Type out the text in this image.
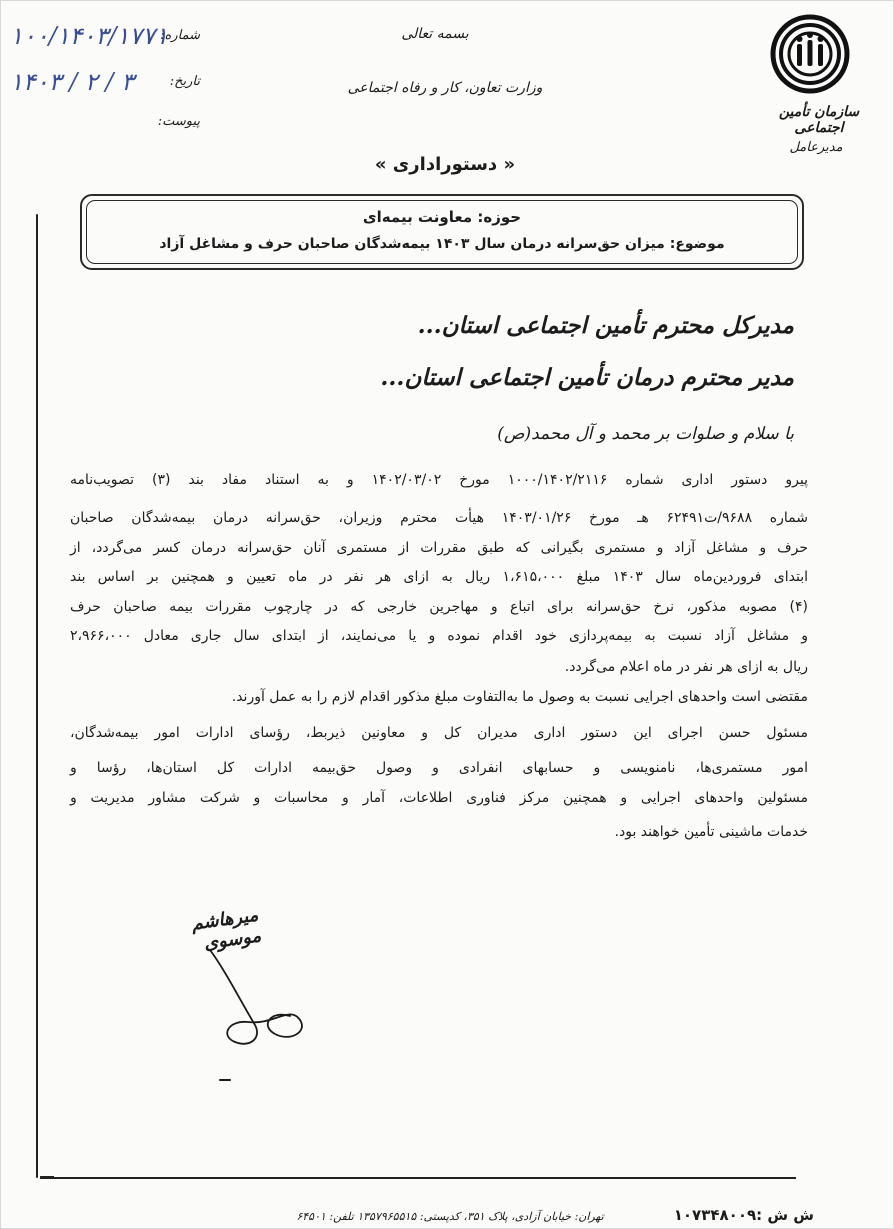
سازمان تأمین اجتماعی
مدیرعامل
بسمه تعالی
وزارت تعاون، کار و رفاه اجتماعی
« دستوراداری »
شماره:
۱۰۰/۱۴۰۳/۱۷۷۱
تاریخ:
۱۴۰۳ / ۲ / ۳
پیوست:
حوزه: معاونت بیمه‌ای
موضوع: میزان حق‌سرانه درمان سال ۱۴۰۳ بیمه‌شدگان صاحبان حرف و مشاغل آزاد
مدیرکل محترم تأمین اجتماعی استان...
مدیر محترم درمان تأمین اجتماعی استان...
با سلام و صلوات بر محمد و آل محمد(ص)
پیرو دستور اداری شماره ۱۰۰۰/۱۴۰۲/۲۱۱۶ مورخ ۱۴۰۲/۰۳/۰۲ و به استناد مفاد بند (۳) تصویب‌نامه
شماره ۹۶۸۸/ت۶۲۴۹۱ هـ مورخ ۱۴۰۳/۰۱/۲۶ هیأت محترم وزیران، حق‌سرانه درمان بیمه‌شدگان صاحبان
حرف و مشاغل آزاد و مستمری بگیرانی که طبق مقررات از مستمری آنان حق‌سرانه درمان کسر می‌گردد، از
ابتدای فروردین‌ماه سال ۱۴۰۳ مبلغ ۱،۶۱۵،۰۰۰ ریال به ازای هر نفر در ماه تعیین و همچنین بر اساس بند
(۴) مصوبه مذکور، نرخ حق‌سرانه برای اتباع و مهاجرین خارجی که در چارچوب مقررات بیمه صاحبان حرف
و مشاغل آزاد نسبت به بیمه‌پردازی خود اقدام نموده و یا می‌نمایند، از ابتدای سال جاری معادل ۲،۹۶۶،۰۰۰
ریال به ازای هر نفر در ماه اعلام می‌گردد.
مقتضی است واحدهای اجرایی نسبت به وصول ما به‌التفاوت مبلغ مذکور اقدام لازم را به عمل آورند.
مسئول حسن اجرای این دستور اداری مدیران کل و معاونین ذیربط، رؤسای ادارات امور بیمه‌شدگان،
امور مستمری‌ها، نامنویسی و حسابهای انفرادی و وصول حق‌بیمه ادارات کل استان‌ها، رؤسا و
مسئولین واحدهای اجرایی و همچنین مرکز فناوری اطلاعات، آمار و محاسبات و شرکت مشاور مدیریت و
خدمات ماشینی تأمین خواهند بود.
میرهاشم موسوی
تهران: خیابان آزادی، پلاک ۳۵۱، کدپستی: ۱۳۵۷۹۶۵۵۱۵ تلفن: ۶۴۵۰۱	ش ش :۱۰۷۳۴۸۰۰۹
